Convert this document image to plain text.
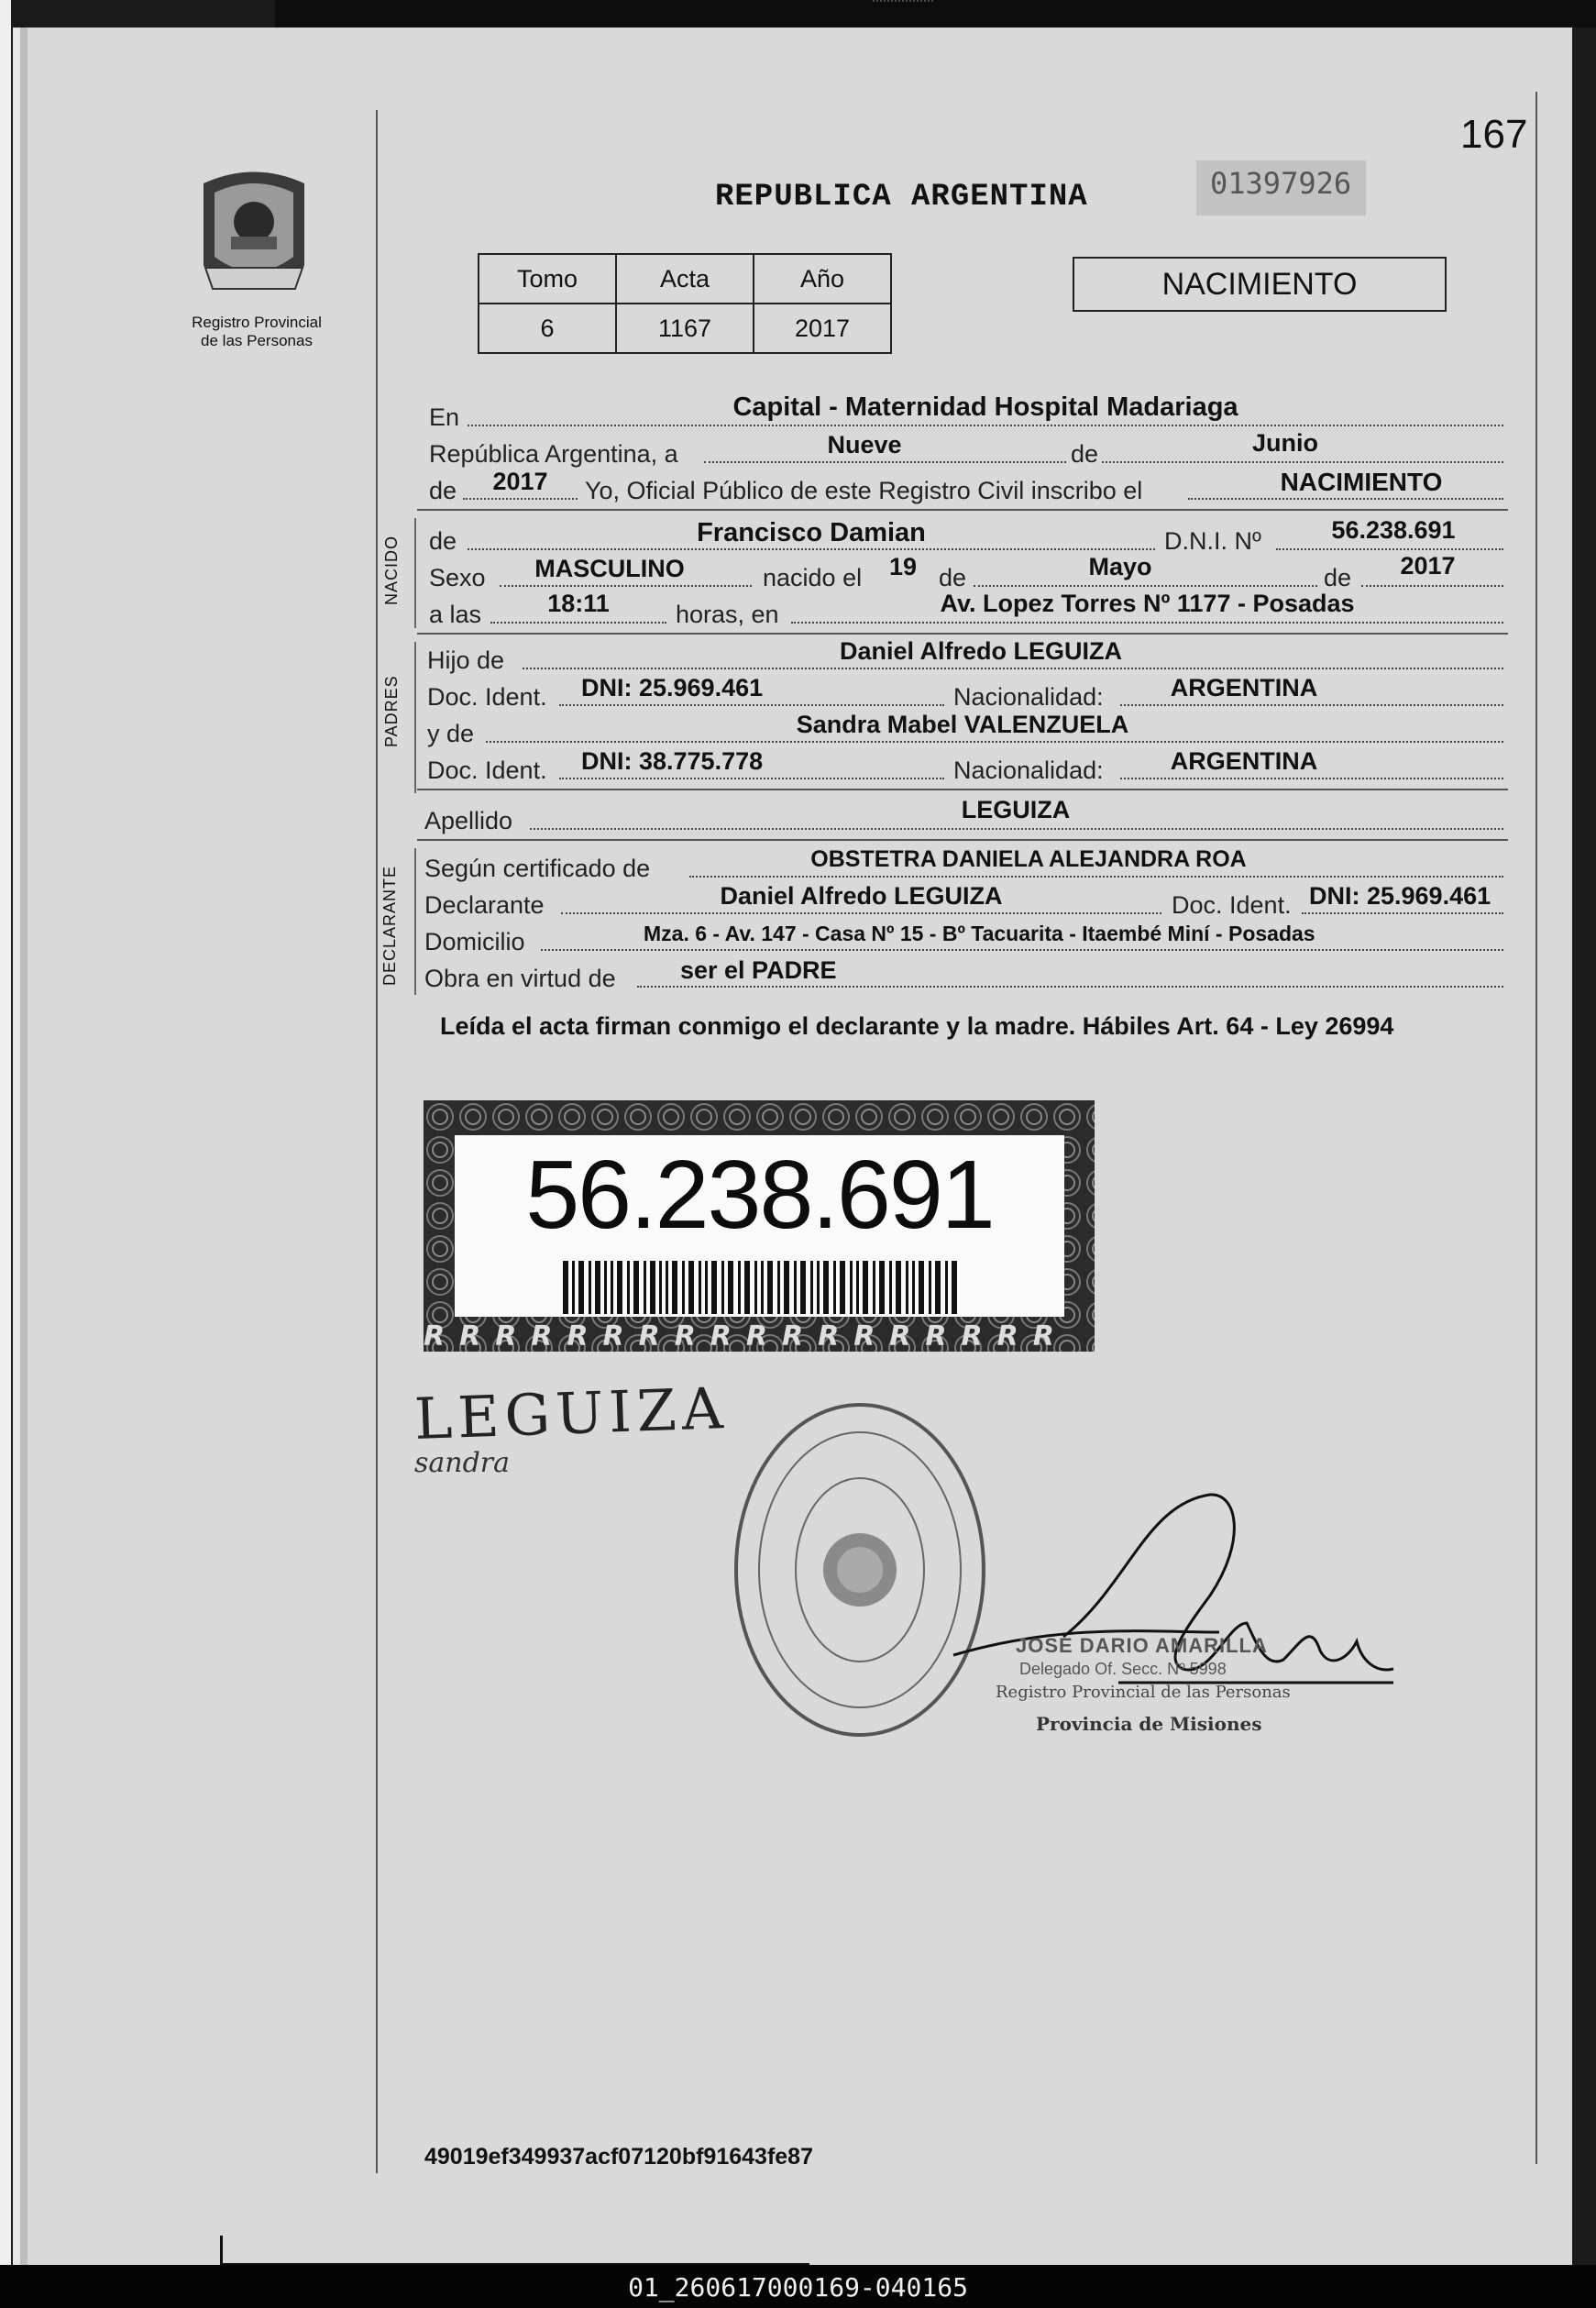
167
Registro Provincial
de las Personas
REPUBLICA ARGENTINA	01397926
Tomo	Acta	Año
6	1167	2017
NACIMIENTO
En	Capital - Maternidad Hospital Madariaga
República Argentina, a	Nueve	de	Junio
de	2017	Yo, Oficial Público de este Registro Civil inscribo el	NACIMIENTO
NACIDO de	Francisco Damian	D.N.I. Nº	56.238.691
Sexo	MASCULINO	nacido el	19 de	Mayo	de	2017
a las	18:11	horas, en	Av. Lopez Torres Nº 1177 - Posadas
PADRES
Hijo de	Daniel Alfredo LEGUIZA
Doc. Ident. DNI: 25.969.461	Nacionalidad:	ARGENTINA
y de	Sandra Mabel VALENZUELA
Doc. Ident. DNI: 38.775.778	Nacionalidad:	ARGENTINA
Apellido	LEGUIZA
DECLARANTE Según certificado de	OBSTETRA DANIELA ALEJANDRA ROA
Declarante	Daniel Alfredo LEGUIZA	Doc. Ident. DNI: 25.969.461
Domicilio	Mza. 6 - Av. 147 - Casa Nº 15 - Bº Tacuarita - Itaembé Miní - Posadas
Obra en virtud de	ser el PADRE
Leída el acta firman conmigo el declarante y la madre. Hábiles Art. 64 - Ley 26994
56.238.691
RRRRRRRRRRRRRRRRRR
LEGUIZA
sandra
JOSE DARIO AMARILLA
Delegado Of. Secc. Nº 5998
Registro Provincial de las Personas
Provincia de Misiones
49019ef349937acf07120bf91643fe87
01_260617000169-040165
